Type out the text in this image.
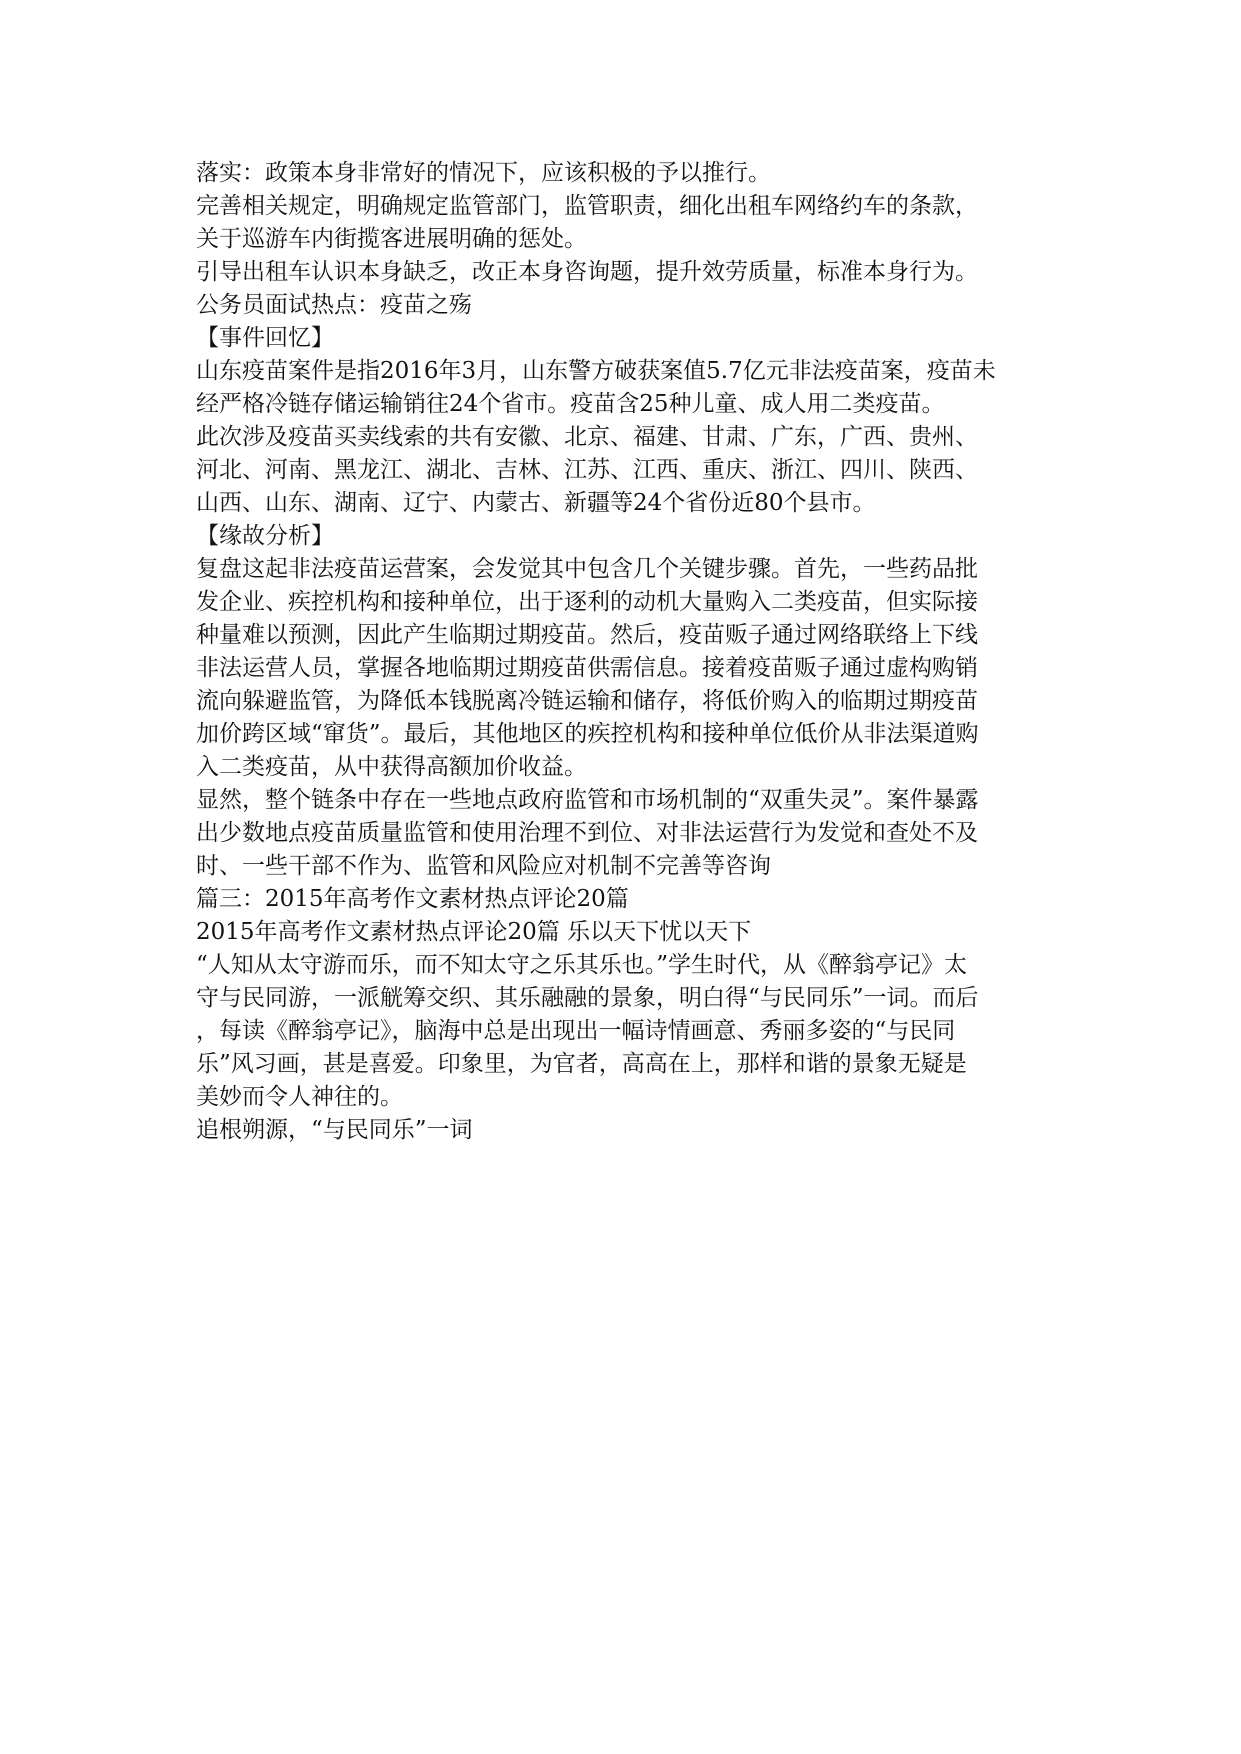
落实：政策本身非常好的情况下，应该积极的予以推行。

完善相关规定，明确规定监管部门，监管职责，细化出租车网络约车的条款，
关于巡游车内街揽客进展明确的惩处。

引导出租车认识本身缺乏，改正本身咨询题，提升效劳质量，标准本身行为。

公务员面试热点：疫苗之殇

【事件回忆】

山东疫苗案件是指2016年3月，山东警方破获案值5.7亿元非法疫苗案，疫苗未
经严格冷链存储运输销往24个省市。疫苗含25种儿童、成人用二类疫苗。

此次涉及疫苗买卖线索的共有安徽、北京、福建、甘肃、广东，广西、贵州、
河北、河南、黑龙江、湖北、吉林、江苏、江西、重庆、浙江、四川、陕西、
山西、山东、湖南、辽宁、内蒙古、新疆等24个省份近80个县市。

【缘故分析】

复盘这起非法疫苗运营案，会发觉其中包含几个关键步骤。首先，一些药品批
发企业、疾控机构和接种单位，出于逐利的动机大量购入二类疫苗，但实际接
种量难以预测，因此产生临期过期疫苗。然后，疫苗贩子通过网络联络上下线
非法运营人员，掌握各地临期过期疫苗供需信息。接着疫苗贩子通过虚构购销
流向躲避监管，为降低本钱脱离冷链运输和储存，将低价购入的临期过期疫苗
加价跨区域“窜货”。最后，其他地区的疾控机构和接种单位低价从非法渠道购
入二类疫苗，从中获得高额加价收益。

显然，整个链条中存在一些地点政府监管和市场机制的“双重失灵”。案件暴露
出少数地点疫苗质量监管和使用治理不到位、对非法运营行为发觉和查处不及
时、一些干部不作为、监管和风险应对机制不完善等咨询

篇三：2015年高考作文素材热点评论20篇

2015年高考作文素材热点评论20篇 乐以天下忧以天下

“人知从太守游而乐，而不知太守之乐其乐也。”学生时代，从《醉翁亭记》太
守与民同游，一派觥筹交织、其乐融融的景象，明白得“与民同乐”一词。而后
，每读《醉翁亭记》，脑海中总是出现出一幅诗情画意、秀丽多姿的“与民同
乐”风习画，甚是喜爱。印象里，为官者，高高在上，那样和谐的景象无疑是
美妙而令人神往的。

追根朔源，“与民同乐”一词
